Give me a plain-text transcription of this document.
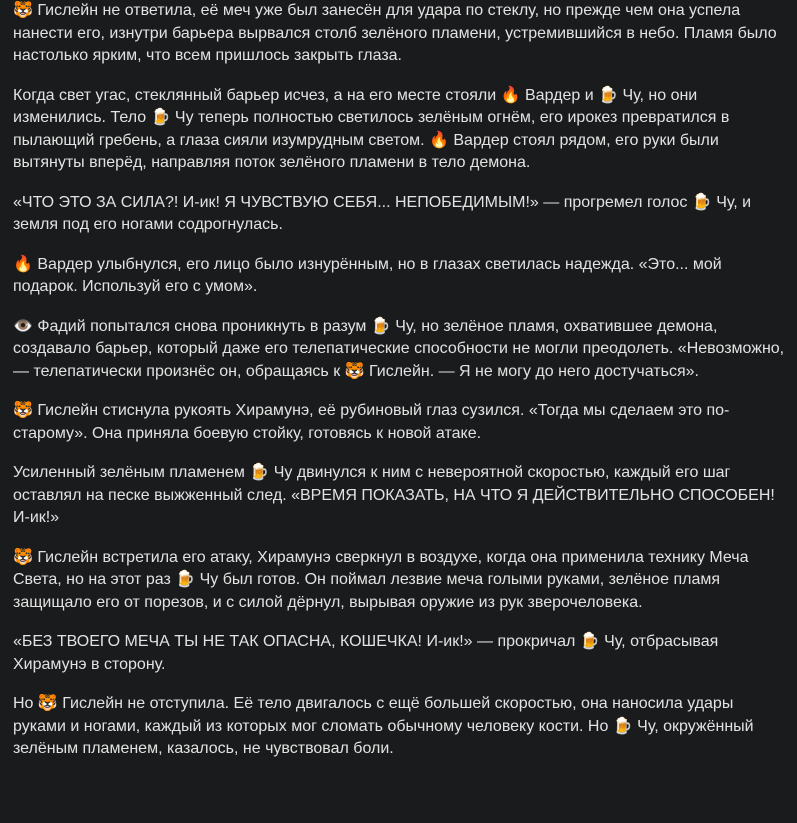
🐯 Гислейн не ответила, её меч уже был занесён для удара по стеклу, но прежде чем она успела нанести его, изнутри барьера вырвался столб зелёного пламени, устремившийся в небо. Пламя было настолько ярким, что всем пришлось закрыть глаза.

Когда свет угас, стеклянный барьер исчез, а на его месте стояли 🔥 Вардер и 🍺 Чу, но они изменились. Тело 🍺 Чу теперь полностью светилось зелёным огнём, его ирокез превратился в пылающий гребень, а глаза сияли изумрудным светом. 🔥 Вардер стоял рядом, его руки были вытянуты вперёд, направляя поток зелёного пламени в тело демона.

«ЧТО ЭТО ЗА СИЛА?! И-ик! Я ЧУВСТВУЮ СЕБЯ... НЕПОБЕДИМЫМ!» — прогремел голос 🍺 Чу, и земля под его ногами содрогнулась.

🔥 Вардер улыбнулся, его лицо было изнурённым, но в глазах светилась надежда. «Это... мой подарок. Используй его с умом».

👁️ Фадий попытался снова проникнуть в разум 🍺 Чу, но зелёное пламя, охватившее демона, создавало барьер, который даже его телепатические способности не могли преодолеть. «Невозможно, — телепатически произнёс он, обращаясь к 🐯 Гислейн. — Я не могу до него достучаться».

🐯 Гислейн стиснула рукоять Хирамунэ, её рубиновый глаз сузился. «Тогда мы сделаем это по-старому». Она приняла боевую стойку, готовясь к новой атаке.

Усиленный зелёным пламенем 🍺 Чу двинулся к ним с невероятной скоростью, каждый его шаг оставлял на песке выжженный след. «ВРЕМЯ ПОКАЗАТЬ, НА ЧТО Я ДЕЙСТВИТЕЛЬНО СПОСОБЕН! И-ик!»

🐯 Гислейн встретила его атаку, Хирамунэ сверкнул в воздухе, когда она применила технику Меча Света, но на этот раз 🍺 Чу был готов. Он поймал лезвие меча голыми руками, зелёное пламя защищало его от порезов, и с силой дёрнул, вырывая оружие из рук зверочеловека.

«БЕЗ ТВОЕГО МЕЧА ТЫ НЕ ТАК ОПАСНА, КОШЕЧКА! И-ик!» — прокричал 🍺 Чу, отбрасывая Хирамунэ в сторону.

Но 🐯 Гислейн не отступила. Её тело двигалось с ещё большей скоростью, она наносила удары руками и ногами, каждый из которых мог сломать обычному человеку кости. Но 🍺 Чу, окружённый зелёным пламенем, казалось, не чувствовал боли.
